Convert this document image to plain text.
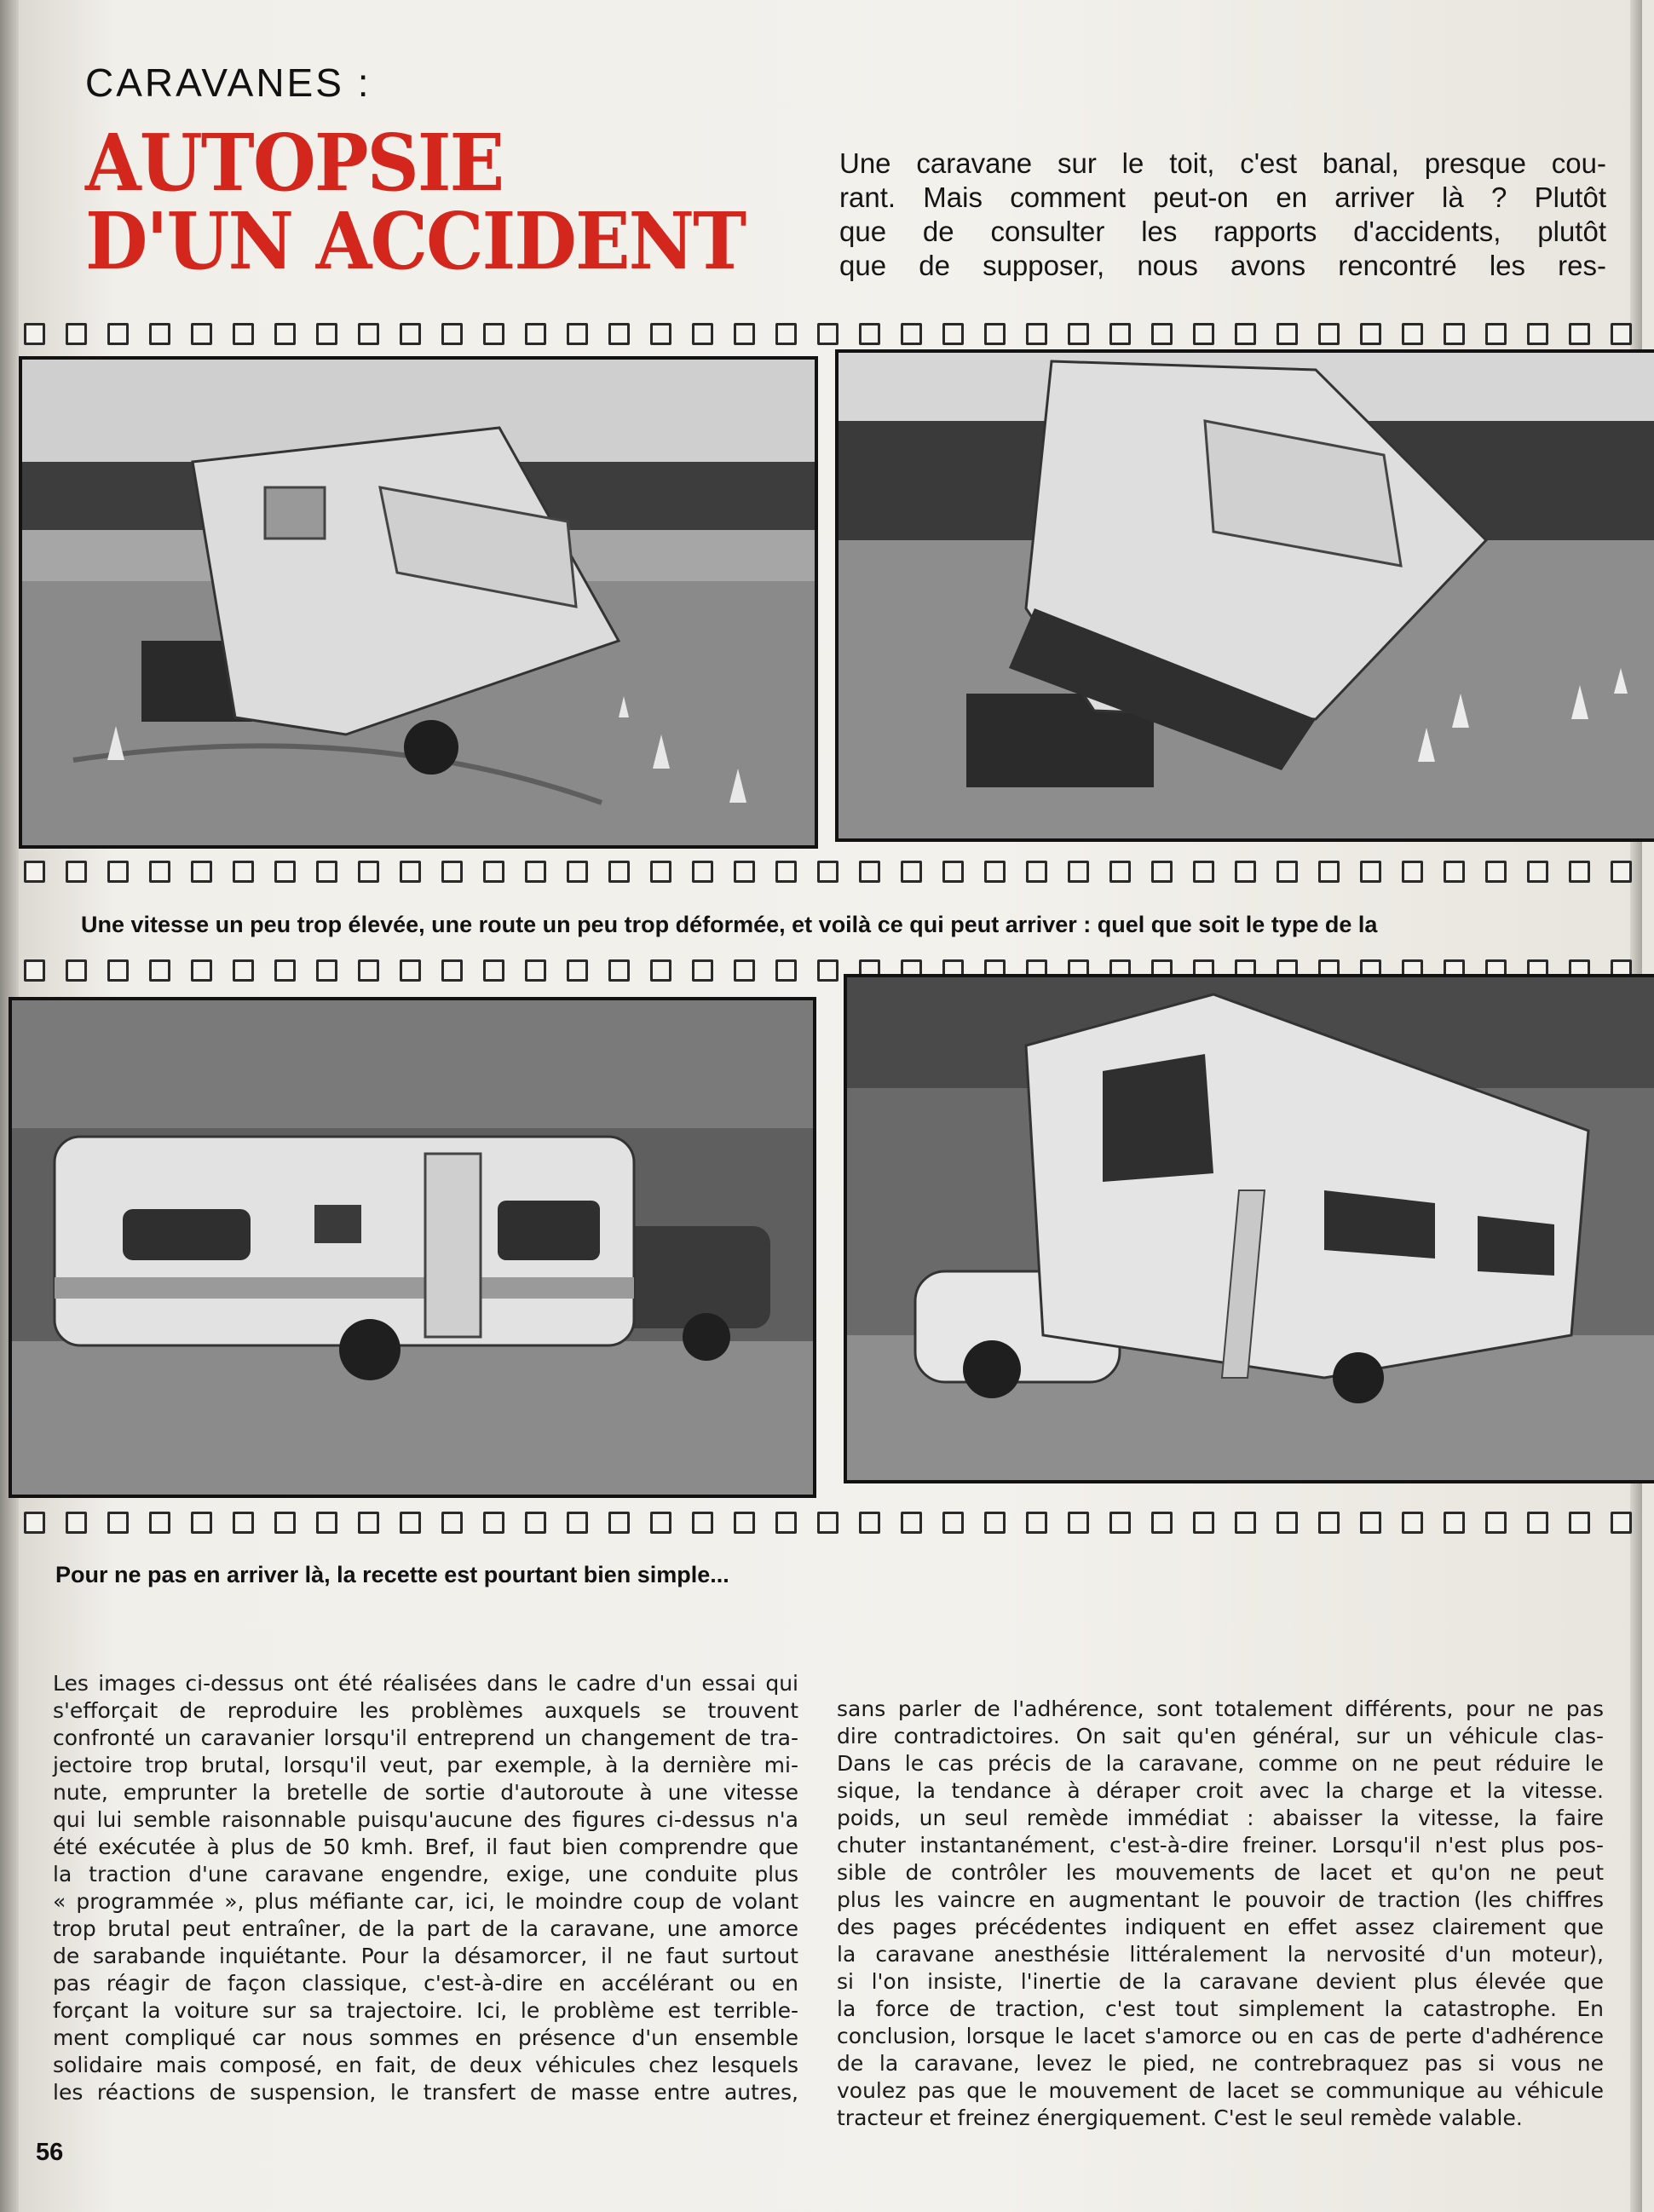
CARAVANES :
AUTOPSIE
D'UN ACCIDENT
Une caravane sur le toit, c'est banal, presque cou-
rant. Mais comment peut-on en arriver là ? Plutôt
que de consulter les rapports d'accidents, plutôt
que de supposer, nous avons rencontré les res-
Une vitesse un peu trop élevée, une route un peu trop déformée, et voilà ce qui peut arriver : quel que soit le type de la
Pour ne pas en arriver là, la recette est pourtant bien simple...
Les images ci-dessus ont été réalisées dans le cadre d'un essai qui
s'efforçait de reproduire les problèmes auxquels se trouvent
confronté un caravanier lorsqu'il entreprend un changement de tra-
jectoire trop brutal, lorsqu'il veut, par exemple, à la dernière mi-
nute, emprunter la bretelle de sortie d'autoroute à une vitesse
qui lui semble raisonnable puisqu'aucune des figures ci-dessus n'a
été exécutée à plus de 50 kmh. Bref, il faut bien comprendre que
la traction d'une caravane engendre, exige, une conduite plus
« programmée », plus méfiante car, ici, le moindre coup de volant
trop brutal peut entraîner, de la part de la caravane, une amorce
de sarabande inquiétante. Pour la désamorcer, il ne faut surtout
pas réagir de façon classique, c'est-à-dire en accélérant ou en
forçant la voiture sur sa trajectoire. Ici, le problème est terrible-
ment compliqué car nous sommes en présence d'un ensemble
solidaire mais composé, en fait, de deux véhicules chez lesquels
les réactions de suspension, le transfert de masse entre autres,
sans parler de l'adhérence, sont totalement différents, pour ne pas
dire contradictoires. On sait qu'en général, sur un véhicule clas-
Dans le cas précis de la caravane, comme on ne peut réduire le
sique, la tendance à déraper croit avec la charge et la vitesse.
poids, un seul remède immédiat : abaisser la vitesse, la faire
chuter instantanément, c'est-à-dire freiner. Lorsqu'il n'est plus pos-
sible de contrôler les mouvements de lacet et qu'on ne peut
plus les vaincre en augmentant le pouvoir de traction (les chiffres
des pages précédentes indiquent en effet assez clairement que
la caravane anesthésie littéralement la nervosité d'un moteur),
si l'on insiste, l'inertie de la caravane devient plus élevée que
la force de traction, c'est tout simplement la catastrophe. En
conclusion, lorsque le lacet s'amorce ou en cas de perte d'adhérence
de la caravane, levez le pied, ne contrebraquez pas si vous ne
voulez pas que le mouvement de lacet se communique au véhicule
tracteur et freinez énergiquement. C'est le seul remède valable.
56
